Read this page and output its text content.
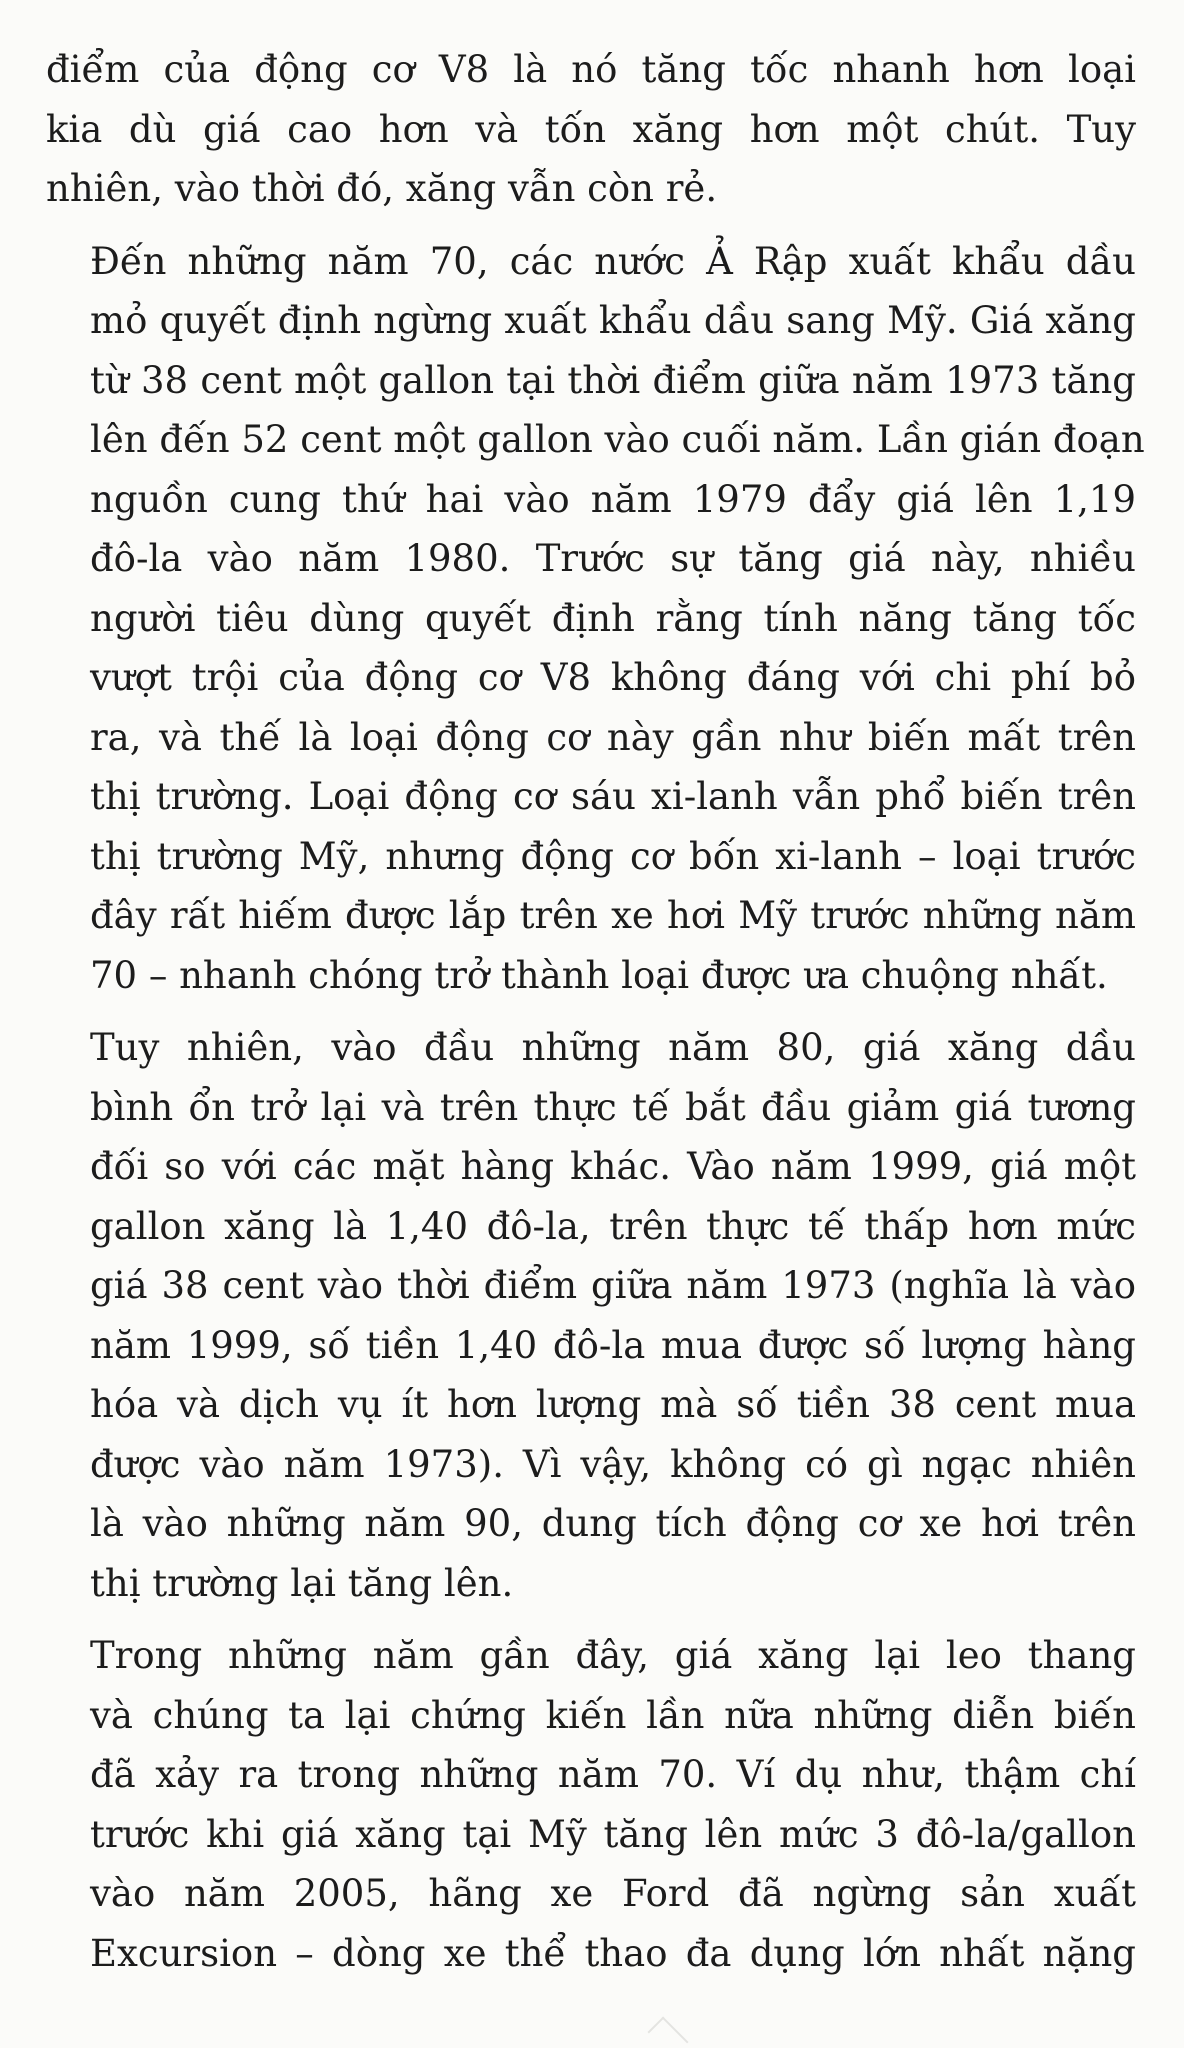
điểm của động cơ V8 là nó tăng tốc nhanh hơn loại
kia dù giá cao hơn và tốn xăng hơn một chút. Tuy
nhiên, vào thời đó, xăng vẫn còn rẻ.

Đến những năm 70, các nước Ả Rập xuất khẩu dầu
mỏ quyết định ngừng xuất khẩu dầu sang Mỹ. Giá xăng
từ 38 cent một gallon tại thời điểm giữa năm 1973 tăng
lên đến 52 cent một gallon vào cuối năm. Lần gián đoạn
nguồn cung thứ hai vào năm 1979 đẩy giá lên 1,19
đô-la vào năm 1980. Trước sự tăng giá này, nhiều
người tiêu dùng quyết định rằng tính năng tăng tốc
vượt trội của động cơ V8 không đáng với chi phí bỏ
ra, và thế là loại động cơ này gần như biến mất trên
thị trường. Loại động cơ sáu xi-lanh vẫn phổ biến trên
thị trường Mỹ, nhưng động cơ bốn xi-lanh – loại trước
đây rất hiếm được lắp trên xe hơi Mỹ trước những năm
70 – nhanh chóng trở thành loại được ưa chuộng nhất.

Tuy nhiên, vào đầu những năm 80, giá xăng dầu
bình ổn trở lại và trên thực tế bắt đầu giảm giá tương
đối so với các mặt hàng khác. Vào năm 1999, giá một
gallon xăng là 1,40 đô-la, trên thực tế thấp hơn mức
giá 38 cent vào thời điểm giữa năm 1973 (nghĩa là vào
năm 1999, số tiền 1,40 đô-la mua được số lượng hàng
hóa và dịch vụ ít hơn lượng mà số tiền 38 cent mua
được vào năm 1973). Vì vậy, không có gì ngạc nhiên
là vào những năm 90, dung tích động cơ xe hơi trên
thị trường lại tăng lên.

Trong những năm gần đây, giá xăng lại leo thang
và chúng ta lại chứng kiến lần nữa những diễn biến
đã xảy ra trong những năm 70. Ví dụ như, thậm chí
trước khi giá xăng tại Mỹ tăng lên mức 3 đô-la/gallon
vào năm 2005, hãng xe Ford đã ngừng sản xuất
Excursion – dòng xe thể thao đa dụng lớn nhất nặng
